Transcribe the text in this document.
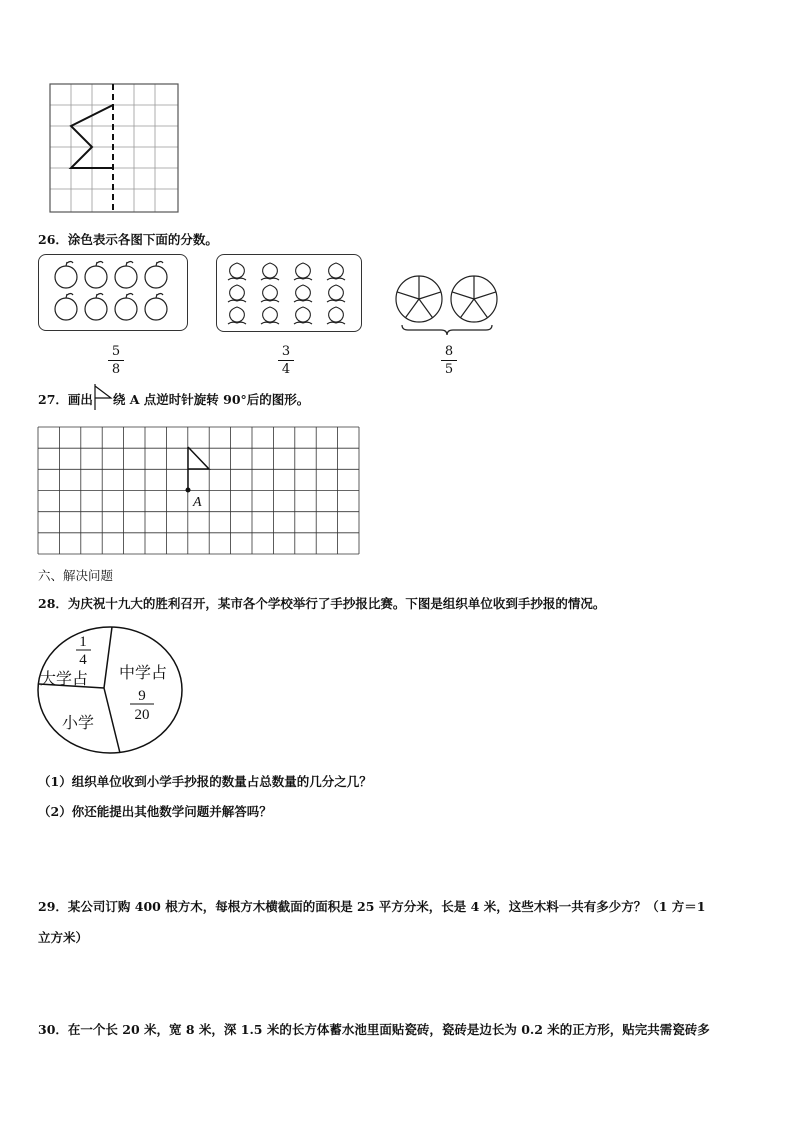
26．涂色表示各图下面的分数。
5
8
3
4
8
5
27．画出 绕 A 点逆时针旋转 90°后的图形。
A
六、解决问题
28．为庆祝十九大的胜利召开，某市各个学校举行了手抄报比赛。下图是组织单位收到手抄报的情况。
大学占 中学占
小学
1
4
9
20
（1）组织单位收到小学手抄报的数量占总数量的几分之几？
（2）你还能提出其他数学问题并解答吗？
29．某公司订购 400 根方木，每根方木横截面的面积是 25 平方分米，长是 4 米，这些木料一共有多少方？（1 方＝1
立方米）
30．在一个长 20 米，宽 8 米，深 1.5 米的长方体蓄水池里面贴瓷砖，瓷砖是边长为 0.2 米的正方形，贴完共需瓷砖多
